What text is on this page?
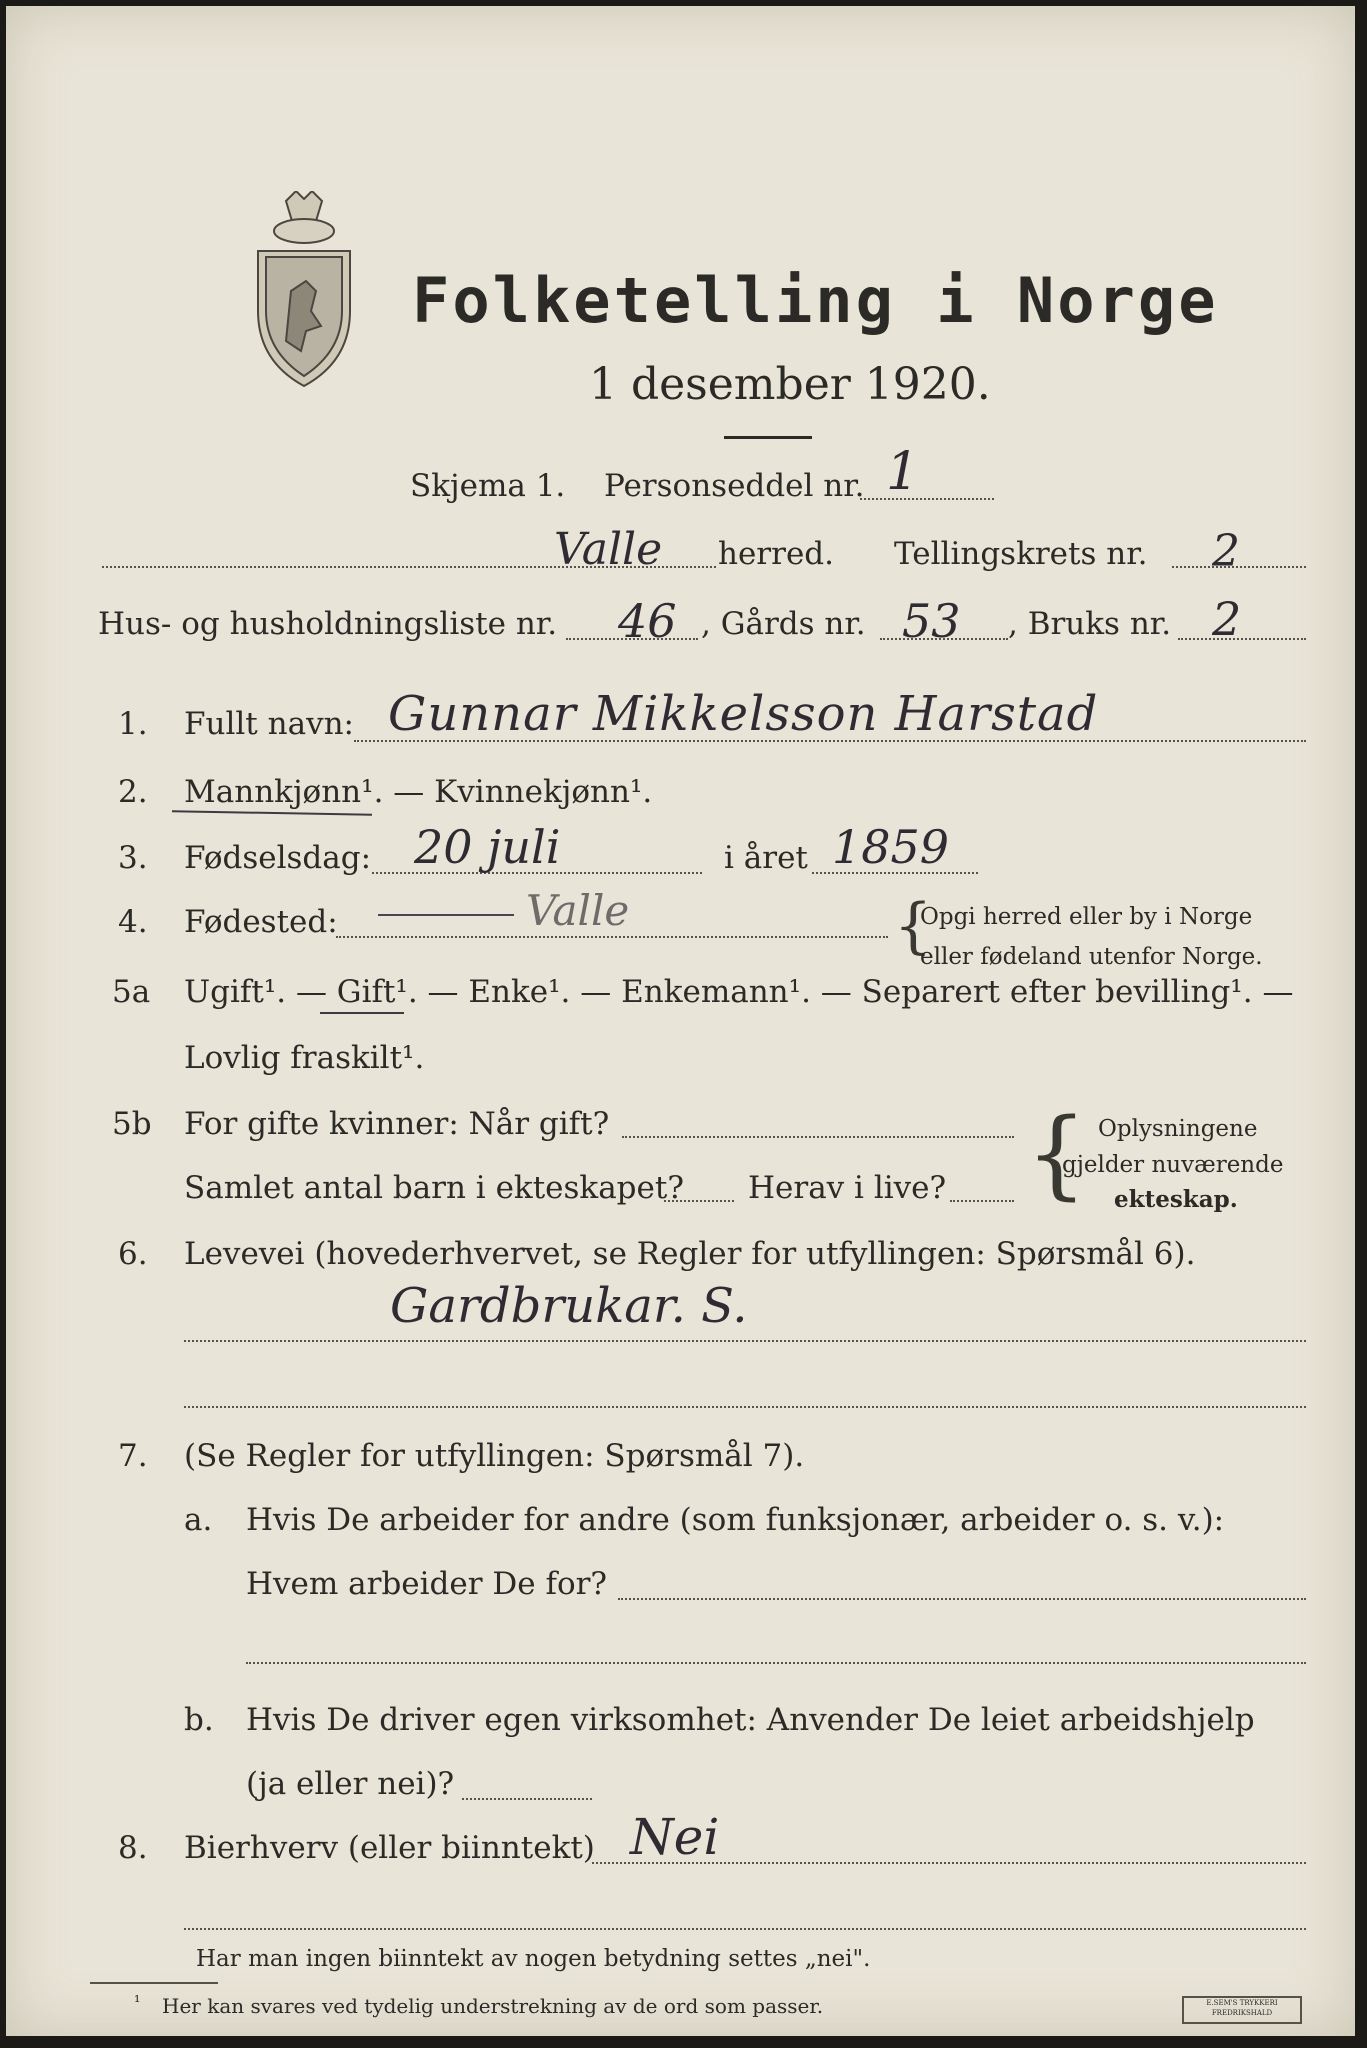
Folketelling i Norge
1 desember 1920.
Skjema 1. Personseddel nr. 1
Valle herred. Tellingskrets nr. 2
Hus- og husholdningsliste nr. 46 , Gårds nr. 53 , Bruks nr. 2
1. Fullt navn: Gunnar Mikkelsson Harstad
2. Mannkjønn¹. — Kvinnekjønn¹.
3. Fødselsdag: 20 juli	i året 1859
4. Fødested:	Valle	{
Opgi herred eller by i Norge
eller fødeland utenfor Norge.
5a Ugift¹. — Gift¹. — Enke¹. — Enkemann¹. — Separert efter bevilling¹. —
Lovlig fraskilt¹.
5b For gifte kvinner: Når gift?
Samlet antal barn i ekteskapet? Herav i live? { Oplysningene
gjelder nuværende
ekteskap.
6. Levevei (hovederhvervet, se Regler for utfyllingen: Spørsmål 6).
Gardbrukar. S.
7. (Se Regler for utfyllingen: Spørsmål 7).
a. Hvis De arbeider for andre (som funksjonær, arbeider o. s. v.):
Hvem arbeider De for?
b. Hvis De driver egen virksomhet: Anvender De leiet arbeidshjelp
(ja eller nei)?
8. Bierhverv (eller biinntekt) Nei
Har man ingen biinntekt av nogen betydning settes „nei".
¹ Her kan svares ved tydelig understrekning av de ord som passer.	E.SEM'S TRYKKERI FREDRIKSHALD
